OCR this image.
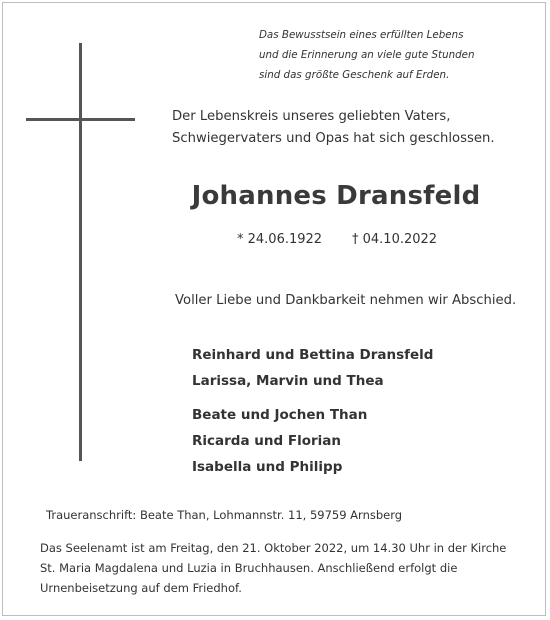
Das Bewusstsein eines erfüllten Lebens
und die Erinnerung an viele gute Stunden
sind das größte Geschenk auf Erden.
Der Lebenskreis unseres geliebten Vaters,
Schwiegervaters und Opas hat sich geschlossen.
Johannes Dransfeld
* 24.06.1922 † 04.10.2022
Voller Liebe und Dankbarkeit nehmen wir Abschied.
Reinhard und Bettina Dransfeld
Larissa, Marvin und Thea
Beate und Jochen Than
Ricarda und Florian
Isabella und Philipp
Traueranschrift: Beate Than, Lohmannstr. 11, 59759 Arnsberg
Das Seelenamt ist am Freitag, den 21. Oktober 2022, um 14.30 Uhr in der Kirche
St. Maria Magdalena und Luzia in Bruchhausen. Anschließend erfolgt die
Urnenbeisetzung auf dem Friedhof.
